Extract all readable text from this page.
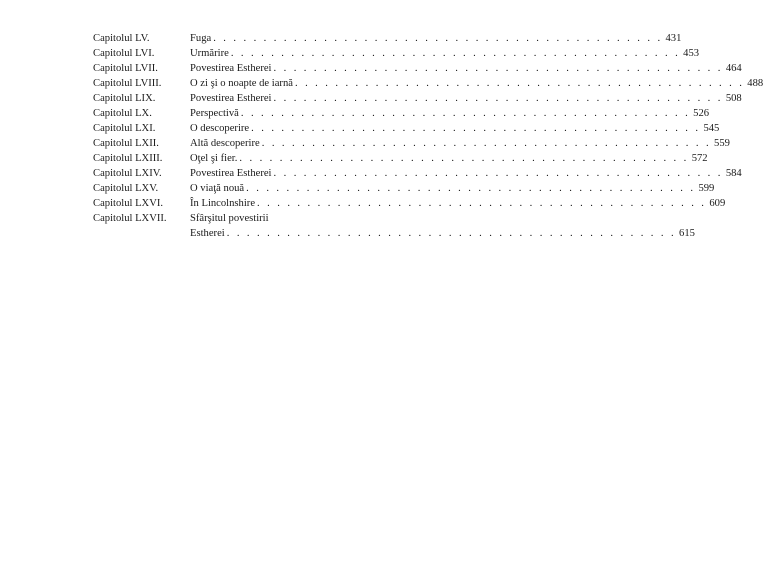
Capitolul LV.	Fuga . . .	431
Capitolul LVI.	Urmărire . . .	453
Capitolul LVII.	Povestirea Estherei . . .	464
Capitolul LVIII.	O zi şi o noapte de iarnă . . .	488
Capitolul LIX.	Povestirea Estherei . . .	508
Capitolul LX.	Perspectivă . . .	526
Capitolul LXI.	O descoperire . . .	545
Capitolul LXII.	Altă descoperire . . .	559
Capitolul LXIII.	Oţel şi fier. . . .	572
Capitolul LXIV.	Povestirea Estherei . . .	584
Capitolul LXV.	O viaţă nouă . . .	599
Capitolul LXVI.	În Lincolnshire . . .	609
Capitolul LXVII.	Sfârşitul povestirii
Estherei . . .	615
